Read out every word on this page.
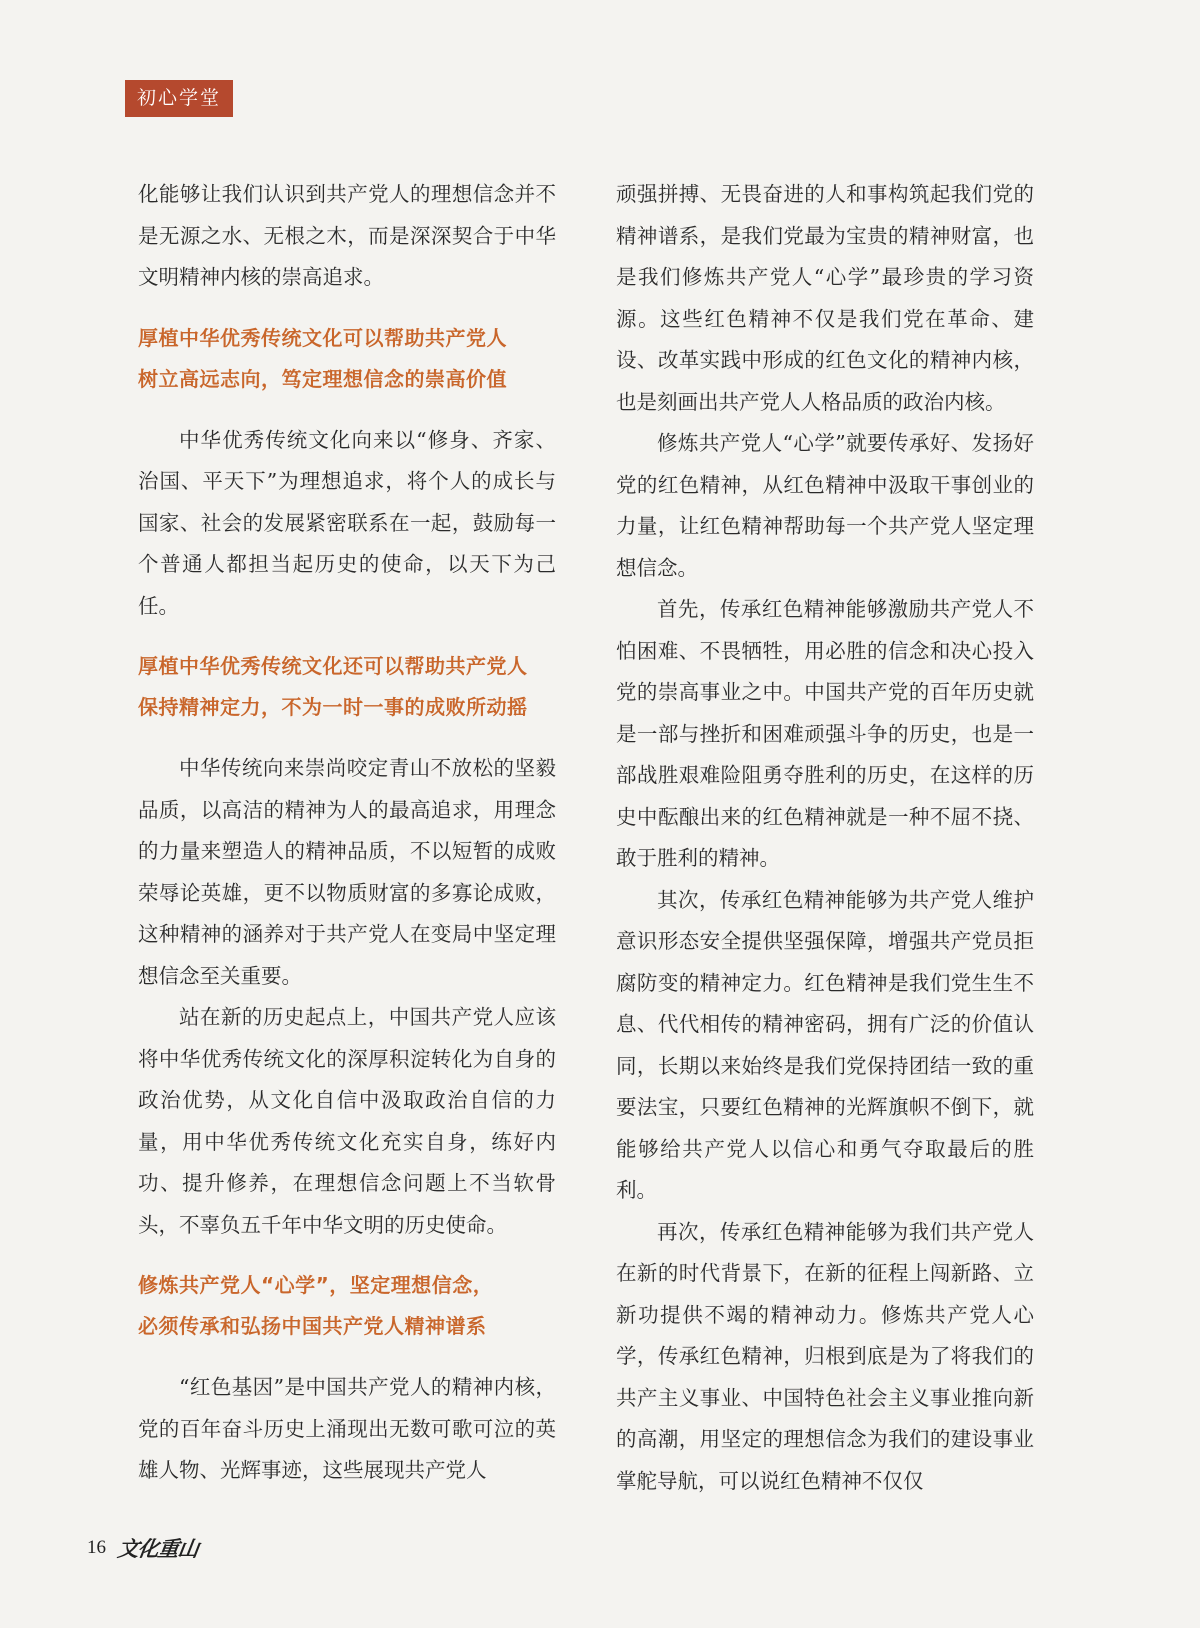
初心学堂

化能够让我们认识到共产党人的理想信念并不是无源之水、无根之木，而是深深契合于中华文明精神内核的崇高追求。

厚植中华优秀传统文化可以帮助共产党人
树立高远志向，笃定理想信念的崇高价值

中华优秀传统文化向来以“修身、齐家、治国、平天下”为理想追求，将个人的成长与国家、社会的发展紧密联系在一起，鼓励每一个普通人都担当起历史的使命，以天下为己任。

厚植中华优秀传统文化还可以帮助共产党人
保持精神定力，不为一时一事的成败所动摇

中华传统向来崇尚咬定青山不放松的坚毅品质，以高洁的精神为人的最高追求，用理念的力量来塑造人的精神品质，不以短暂的成败荣辱论英雄，更不以物质财富的多寡论成败，这种精神的涵养对于共产党人在变局中坚定理想信念至关重要。

站在新的历史起点上，中国共产党人应该将中华优秀传统文化的深厚积淀转化为自身的政治优势，从文化自信中汲取政治自信的力量，用中华优秀传统文化充实自身，练好内功、提升修养，在理想信念问题上不当软骨头，不辜负五千年中华文明的历史使命。

修炼共产党人“心学”，坚定理想信念，
必须传承和弘扬中国共产党人精神谱系

“红色基因”是中国共产党人的精神内核，党的百年奋斗历史上涌现出无数可歌可泣的英雄人物、光辉事迹，这些展现共产党人

顽强拼搏、无畏奋进的人和事构筑起我们党的精神谱系，是我们党最为宝贵的精神财富，也是我们修炼共产党人“心学”最珍贵的学习资源。这些红色精神不仅是我们党在革命、建设、改革实践中形成的红色文化的精神内核，也是刻画出共产党人人格品质的政治内核。

修炼共产党人“心学”就要传承好、发扬好党的红色精神，从红色精神中汲取干事创业的力量，让红色精神帮助每一个共产党人坚定理想信念。

首先，传承红色精神能够激励共产党人不怕困难、不畏牺牲，用必胜的信念和决心投入党的崇高事业之中。中国共产党的百年历史就是一部与挫折和困难顽强斗争的历史，也是一部战胜艰难险阻勇夺胜利的历史，在这样的历史中酝酿出来的红色精神就是一种不屈不挠、敢于胜利的精神。

其次，传承红色精神能够为共产党人维护意识形态安全提供坚强保障，增强共产党员拒腐防变的精神定力。红色精神是我们党生生不息、代代相传的精神密码，拥有广泛的价值认同，长期以来始终是我们党保持团结一致的重要法宝，只要红色精神的光辉旗帜不倒下，就能够给共产党人以信心和勇气夺取最后的胜利。

再次，传承红色精神能够为我们共产党人在新的时代背景下，在新的征程上闯新路、立新功提供不竭的精神动力。修炼共产党人心学，传承红色精神，归根到底是为了将我们的共产主义事业、中国特色社会主义事业推向新的高潮，用坚定的理想信念为我们的建设事业掌舵导航，可以说红色精神不仅仅

16 文化重山
